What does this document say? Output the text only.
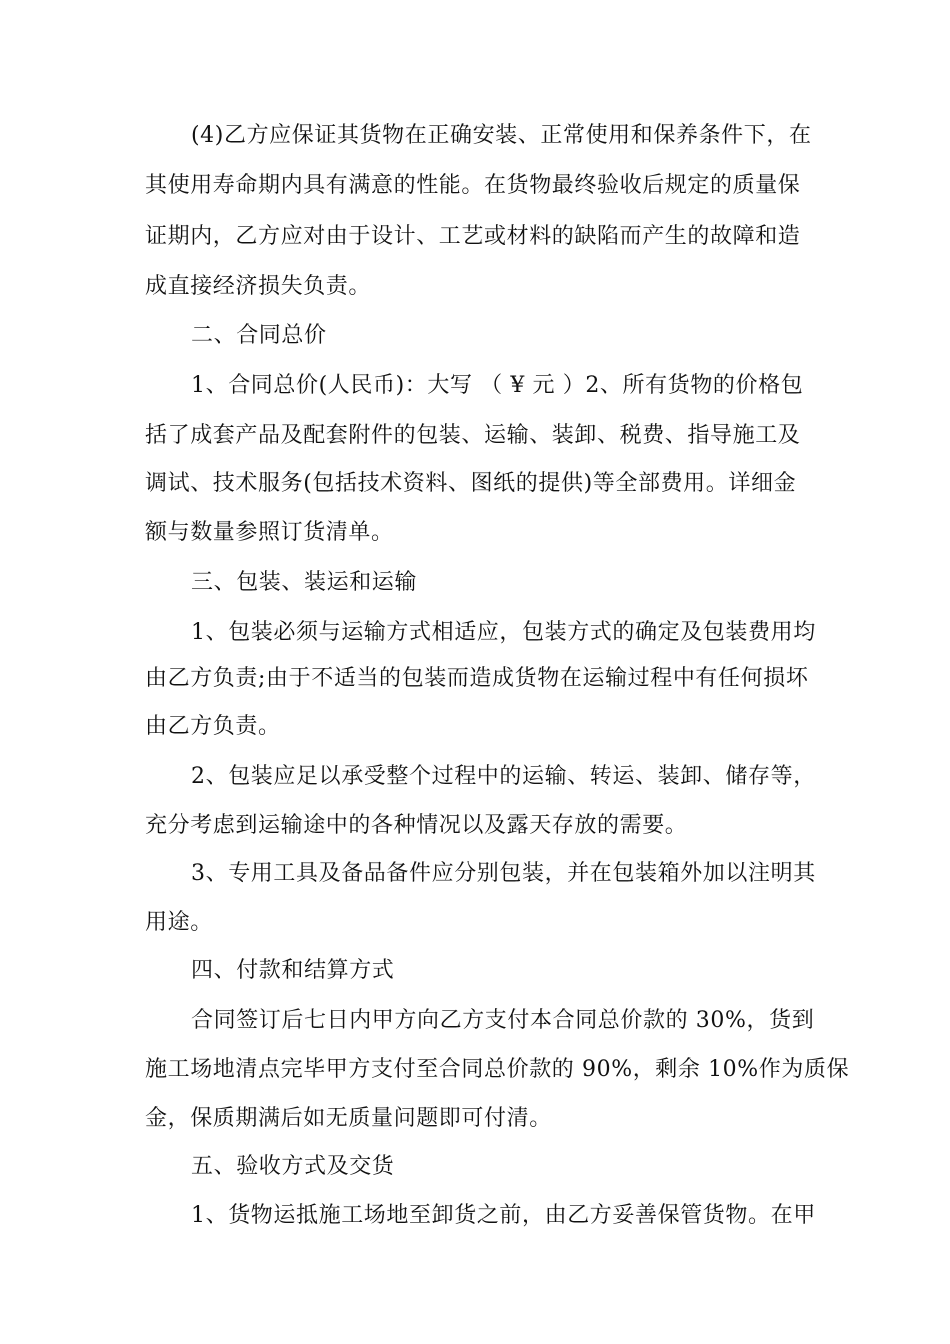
(4)乙方应保证其货物在正确安装、正常使用和保养条件下，在
其使用寿命期内具有满意的性能。在货物最终验收后规定的质量保
证期内，乙方应对由于设计、工艺或材料的缺陷而产生的故障和造
成直接经济损失负责。
二、合同总价
1、合同总价(人民币)：大写 （ ¥ 元 ）2、所有货物的价格包
括了成套产品及配套附件的包装、运输、装卸、税费、指导施工及
调试、技术服务(包括技术资料、图纸的提供)等全部费用。详细金
额与数量参照订货清单。
三、包装、装运和运输
1、包装必须与运输方式相适应，包装方式的确定及包装费用均
由乙方负责;由于不适当的包装而造成货物在运输过程中有任何损坏
由乙方负责。
2、包装应足以承受整个过程中的运输、转运、装卸、储存等，
充分考虑到运输途中的各种情况以及露天存放的需要。
3、专用工具及备品备件应分别包装，并在包装箱外加以注明其
用途。
四、付款和结算方式
合同签订后七日内甲方向乙方支付本合同总价款的 30%，货到
施工场地清点完毕甲方支付至合同总价款的 90%，剩余 10%作为质保
金，保质期满后如无质量问题即可付清。
五、验收方式及交货
1、货物运抵施工场地至卸货之前，由乙方妥善保管货物。在甲
